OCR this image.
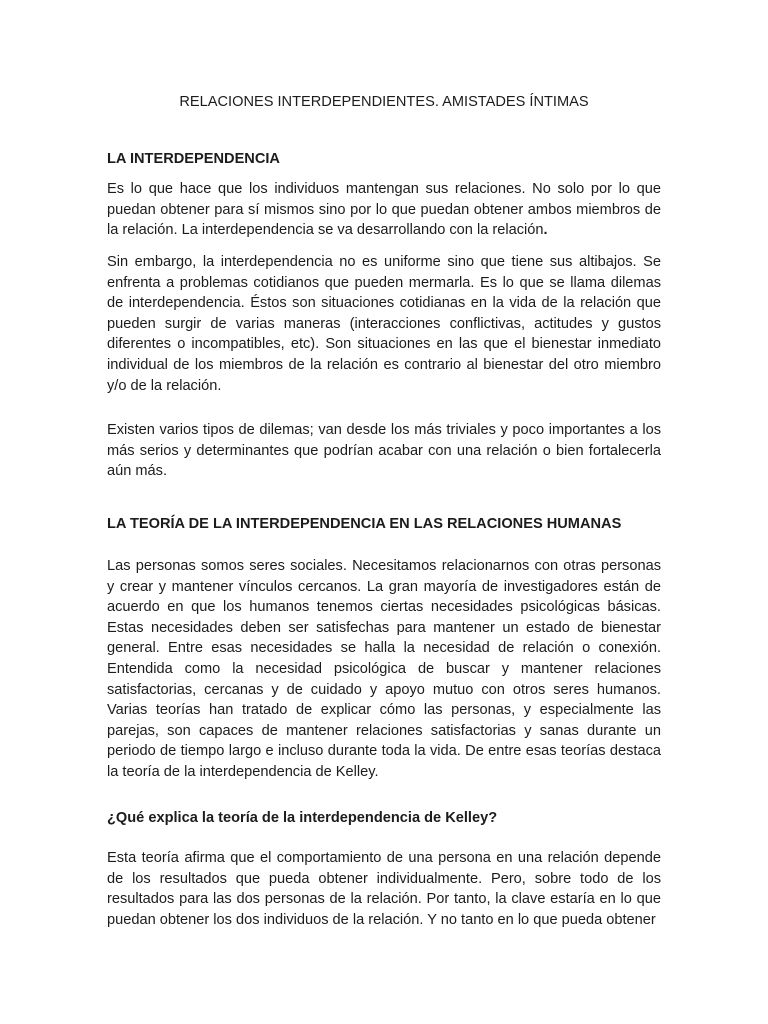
RELACIONES INTERDEPENDIENTES. AMISTADES ÍNTIMAS
LA INTERDEPENDENCIA

Es lo que hace que los individuos mantengan sus relaciones. No solo por lo que puedan obtener para sí mismos sino por lo que puedan obtener ambos miembros de la relación. La interdependencia se va desarrollando con la relación.

Sin embargo, la interdependencia no es uniforme sino que tiene sus altibajos. Se enfrenta a problemas cotidianos que pueden mermarla. Es lo que se llama dilemas de interdependencia. Éstos son situaciones cotidianas en la vida de la relación que pueden surgir de varias maneras (interacciones conflictivas, actitudes y gustos diferentes o incompatibles, etc). Son situaciones en las que el bienestar inmediato individual de los miembros de la relación es contrario al bienestar del otro miembro y/o de la relación.

Existen varios tipos de dilemas; van desde los más triviales y poco importantes a los más serios y determinantes que podrían acabar con una relación o bien fortalecerla aún más.

LA TEORÍA DE LA INTERDEPENDENCIA EN LAS RELACIONES HUMANAS

Las personas somos seres sociales. Necesitamos relacionarnos con otras personas y crear y mantener vínculos cercanos. La gran mayoría de investigadores están de acuerdo en que los humanos tenemos ciertas necesidades psicológicas básicas. Estas necesidades deben ser satisfechas para mantener un estado de bienestar general. Entre esas necesidades se halla la necesidad de relación o conexión. Entendida como la necesidad psicológica de buscar y mantener relaciones satisfactorias, cercanas y de cuidado y apoyo mutuo con otros seres humanos. Varias teorías han tratado de explicar cómo las personas, y especialmente las parejas, son capaces de mantener relaciones satisfactorias y sanas durante un periodo de tiempo largo e incluso durante toda la vida. De entre esas teorías destaca la teoría de la interdependencia de Kelley.

¿Qué explica la teoría de la interdependencia de Kelley?

Esta teoría afirma que el comportamiento de una persona en una relación depende de los resultados que pueda obtener individualmente. Pero, sobre todo de los resultados para las dos personas de la relación. Por tanto, la clave estaría en lo que puedan obtener los dos individuos de la relación. Y no tanto en lo que pueda obtener
